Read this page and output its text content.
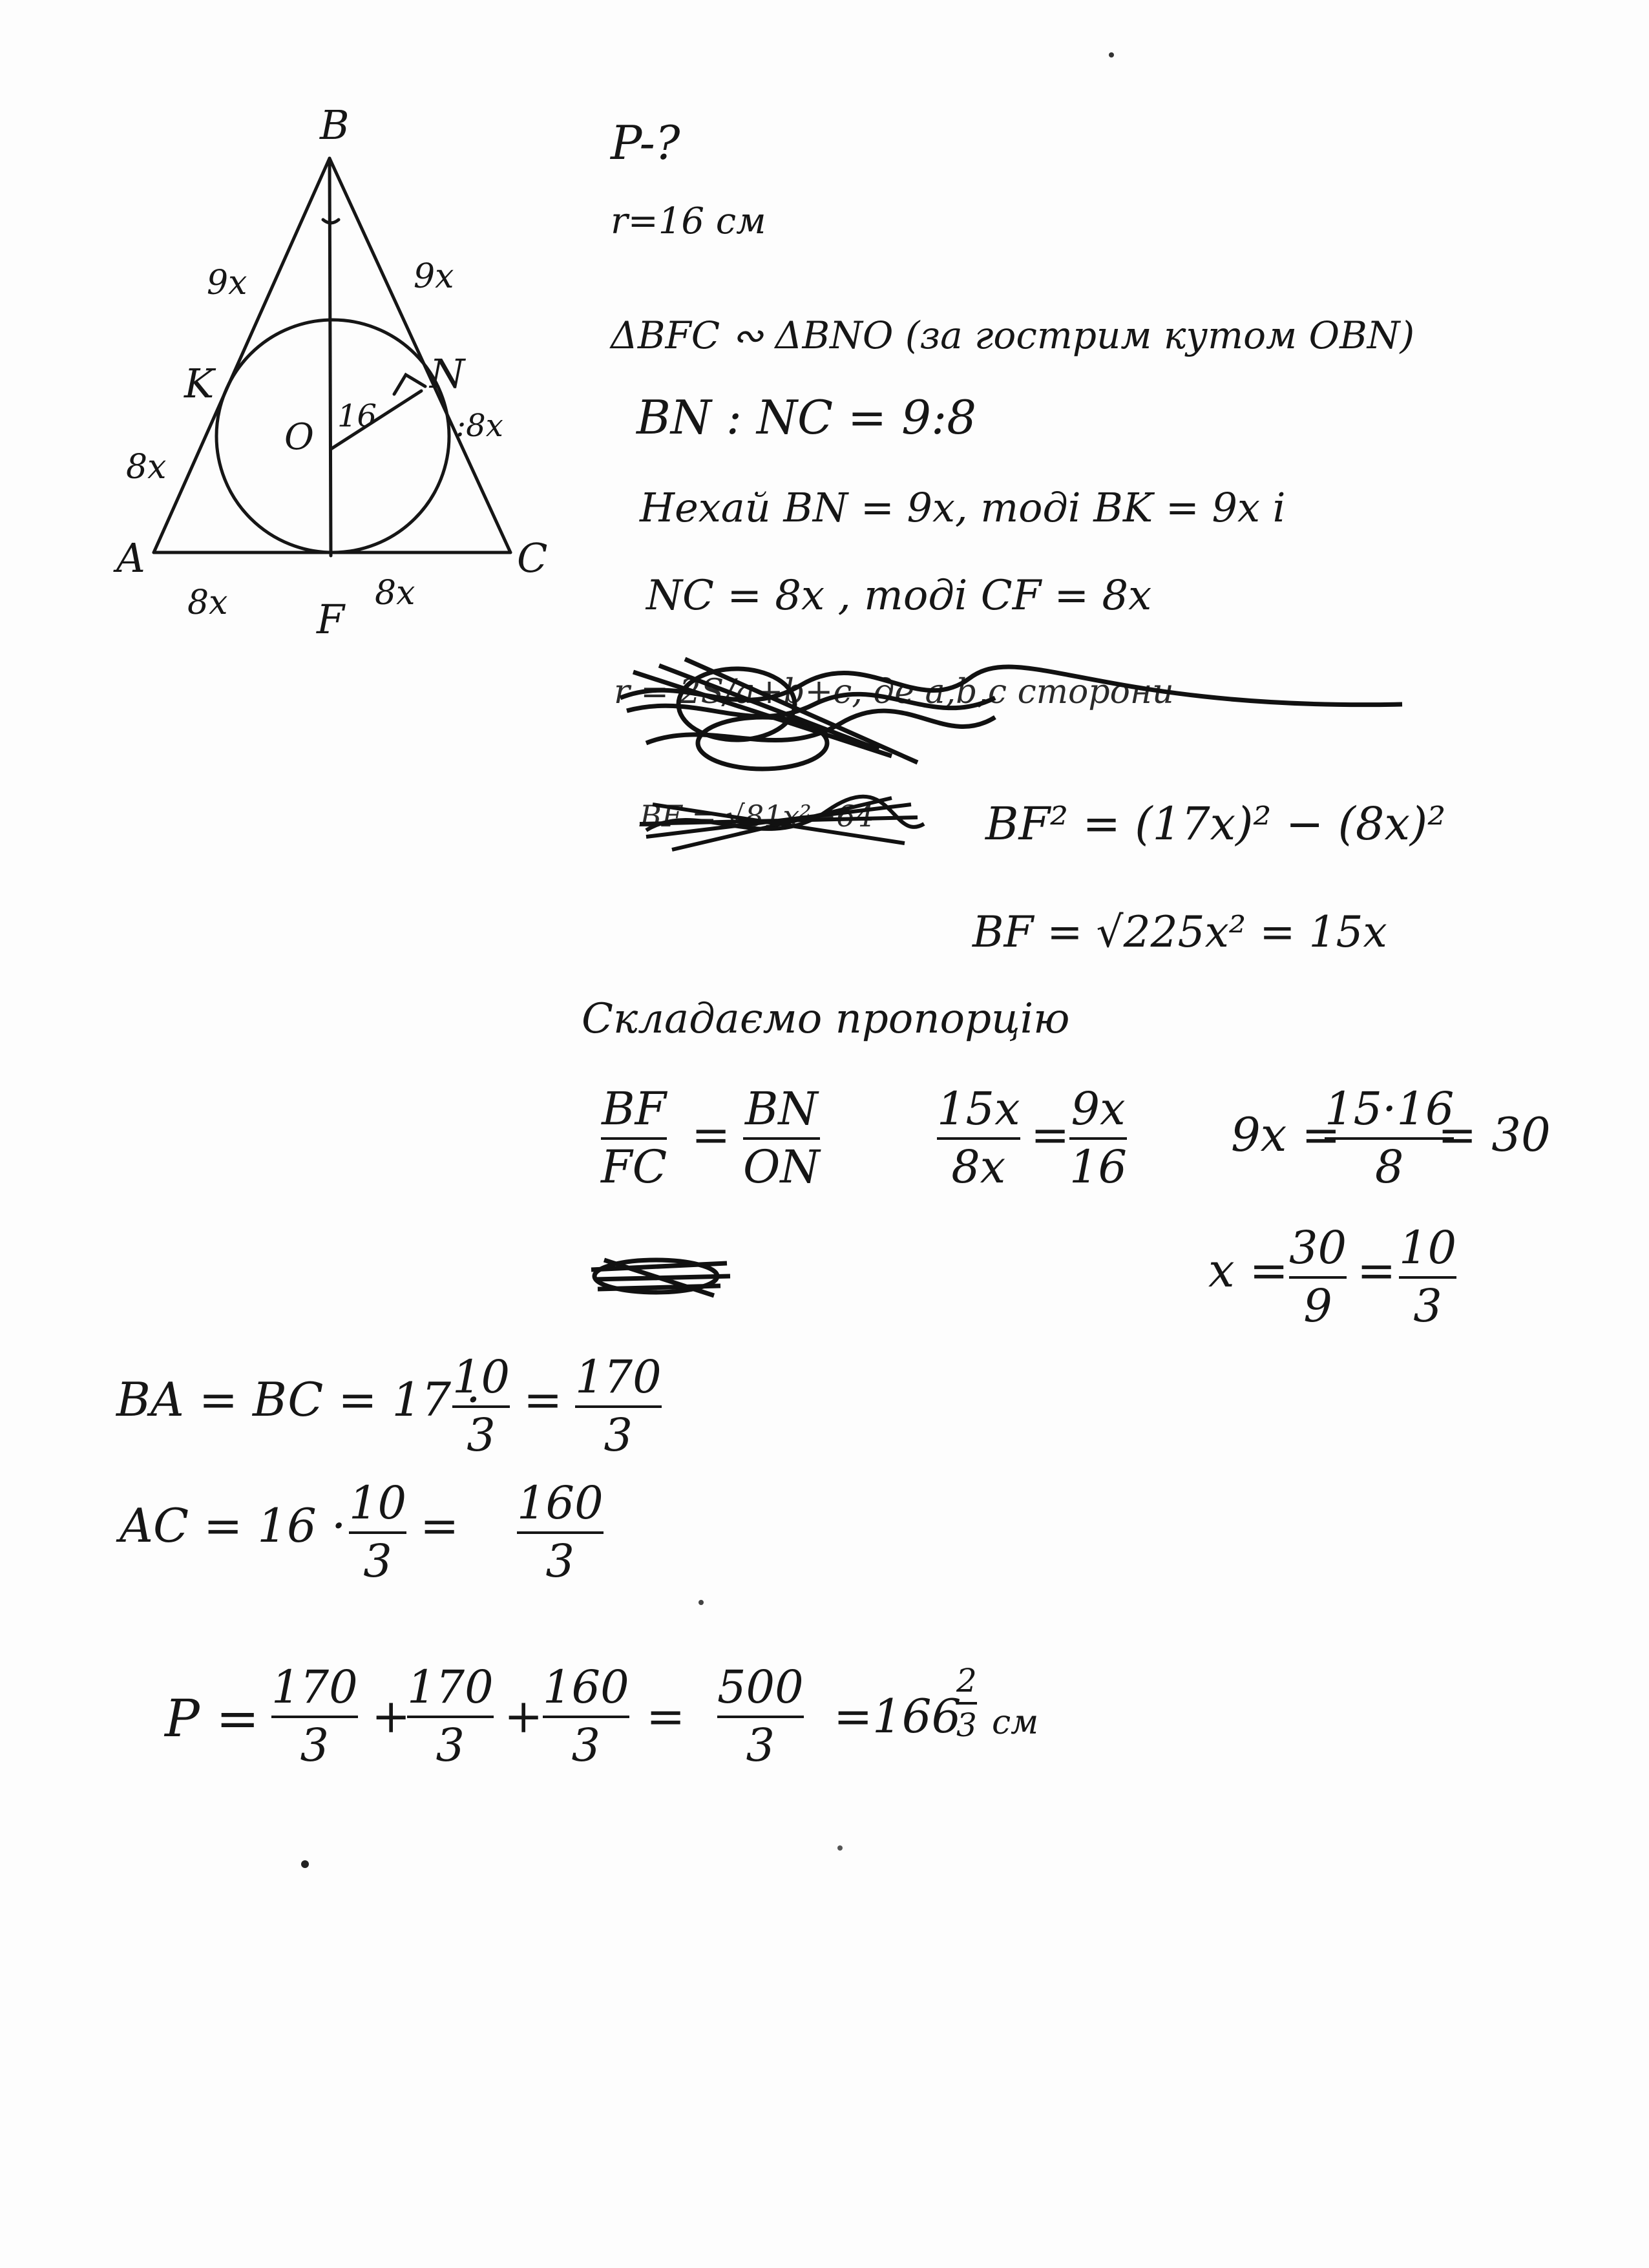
B
A	C
F
K	N
O 16
9x	9x
8x
:8x
8x	8x
P-?
r=16 см
ΔBFC ∾ ΔBNO (за гострим кутом OBN)
BN : NC = 9:8
Нехай BN = 9x, тоді BK = 9x і
NC = 8x , тоді CF = 8x
r = 2S/a+b+c, де a,b,c сторони
BF = √81x²−64 BF² = (17x)² − (8x)²
BF = √225x² = 15x
Складаємо пропорцію
BF
FC
= BN
ON
15x
8x
= 9x
16
9x =
15·16
8
= 30
x = 30
9
= 10
3
BA = BC = 17 ·
10
3
= 170
3
AC = 16 · 10
3
= 160
3
P =
170
3
+
170
3
+
160
3
=
500
3
= 166
2
3 см
